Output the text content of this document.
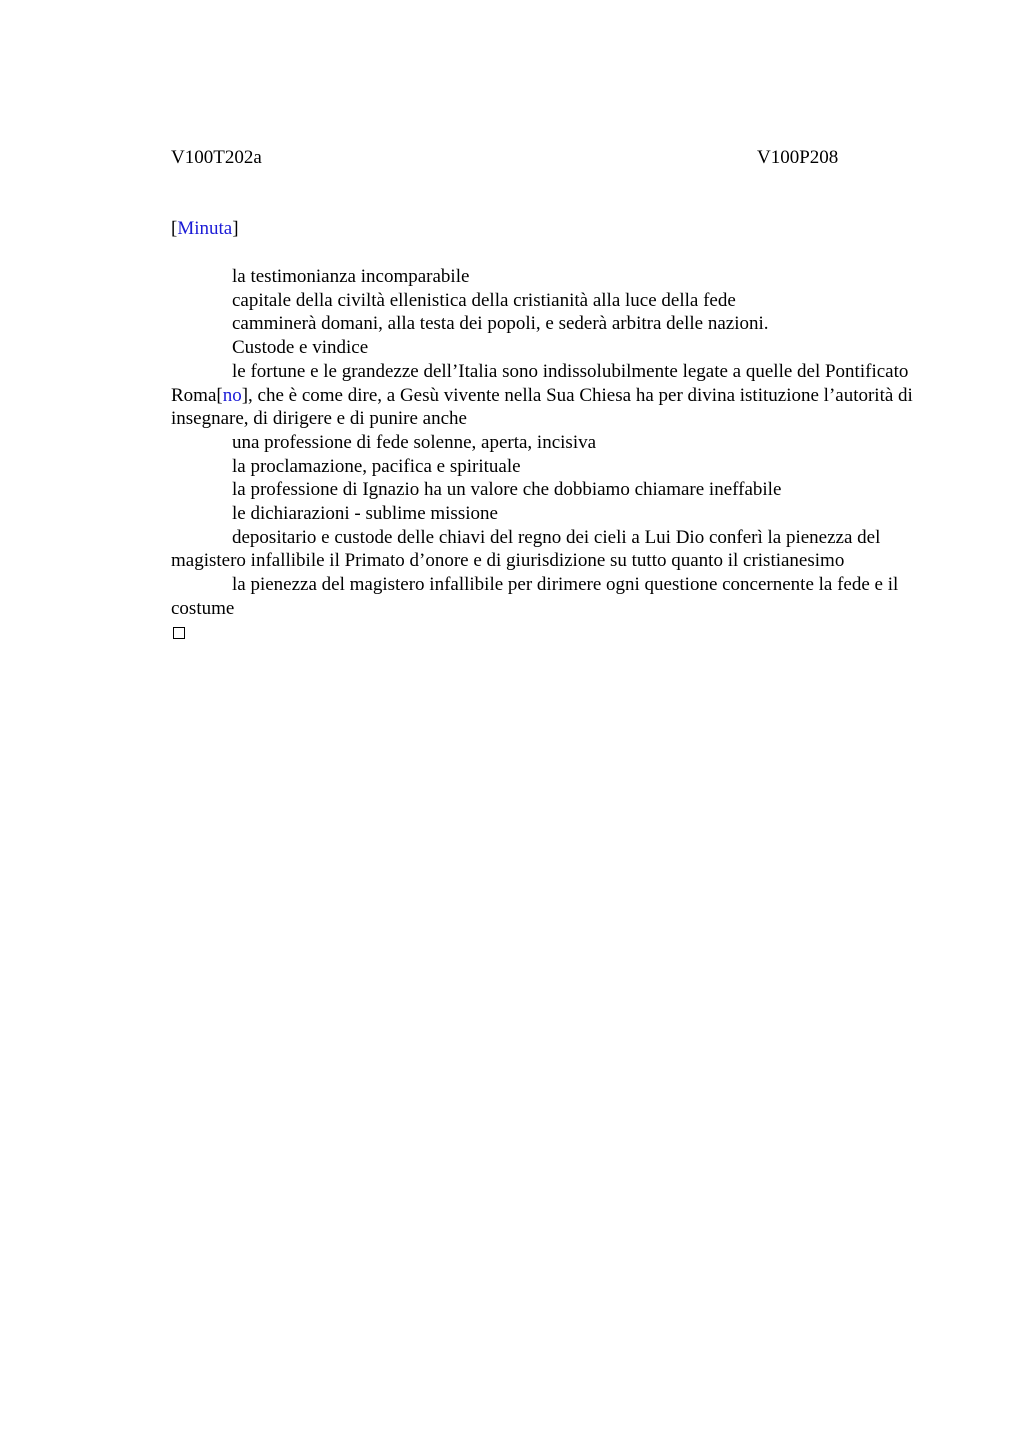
V100T202a	V100P208
[Minuta]

la testimonianza incomparabile

capitale della civiltà ellenistica della cristianità alla luce della fede

camminerà domani, alla testa dei popoli, e sederà arbitra delle nazioni.

Custode e vindice

le fortune e le grandezze dell’Italia sono indissolubilmente legate a quelle del Pontificato Roma[no], che è come dire, a Gesù vivente nella Sua Chiesa ha per divina istituzione l’autorità di insegnare, di dirigere e di punire anche

una professione di fede solenne, aperta, incisiva

la proclamazione, pacifica e spirituale

la professione di Ignazio ha un valore che dobbiamo chiamare ineffabile

le dichiarazioni - sublime missione

depositario e custode delle chiavi del regno dei cieli a Lui Dio conferì la pienezza del magistero infallibile il Primato d’onore e di giurisdizione su tutto quanto il cristianesimo

la pienezza del magistero infallibile per dirimere ogni questione concernente la fede e il costume
